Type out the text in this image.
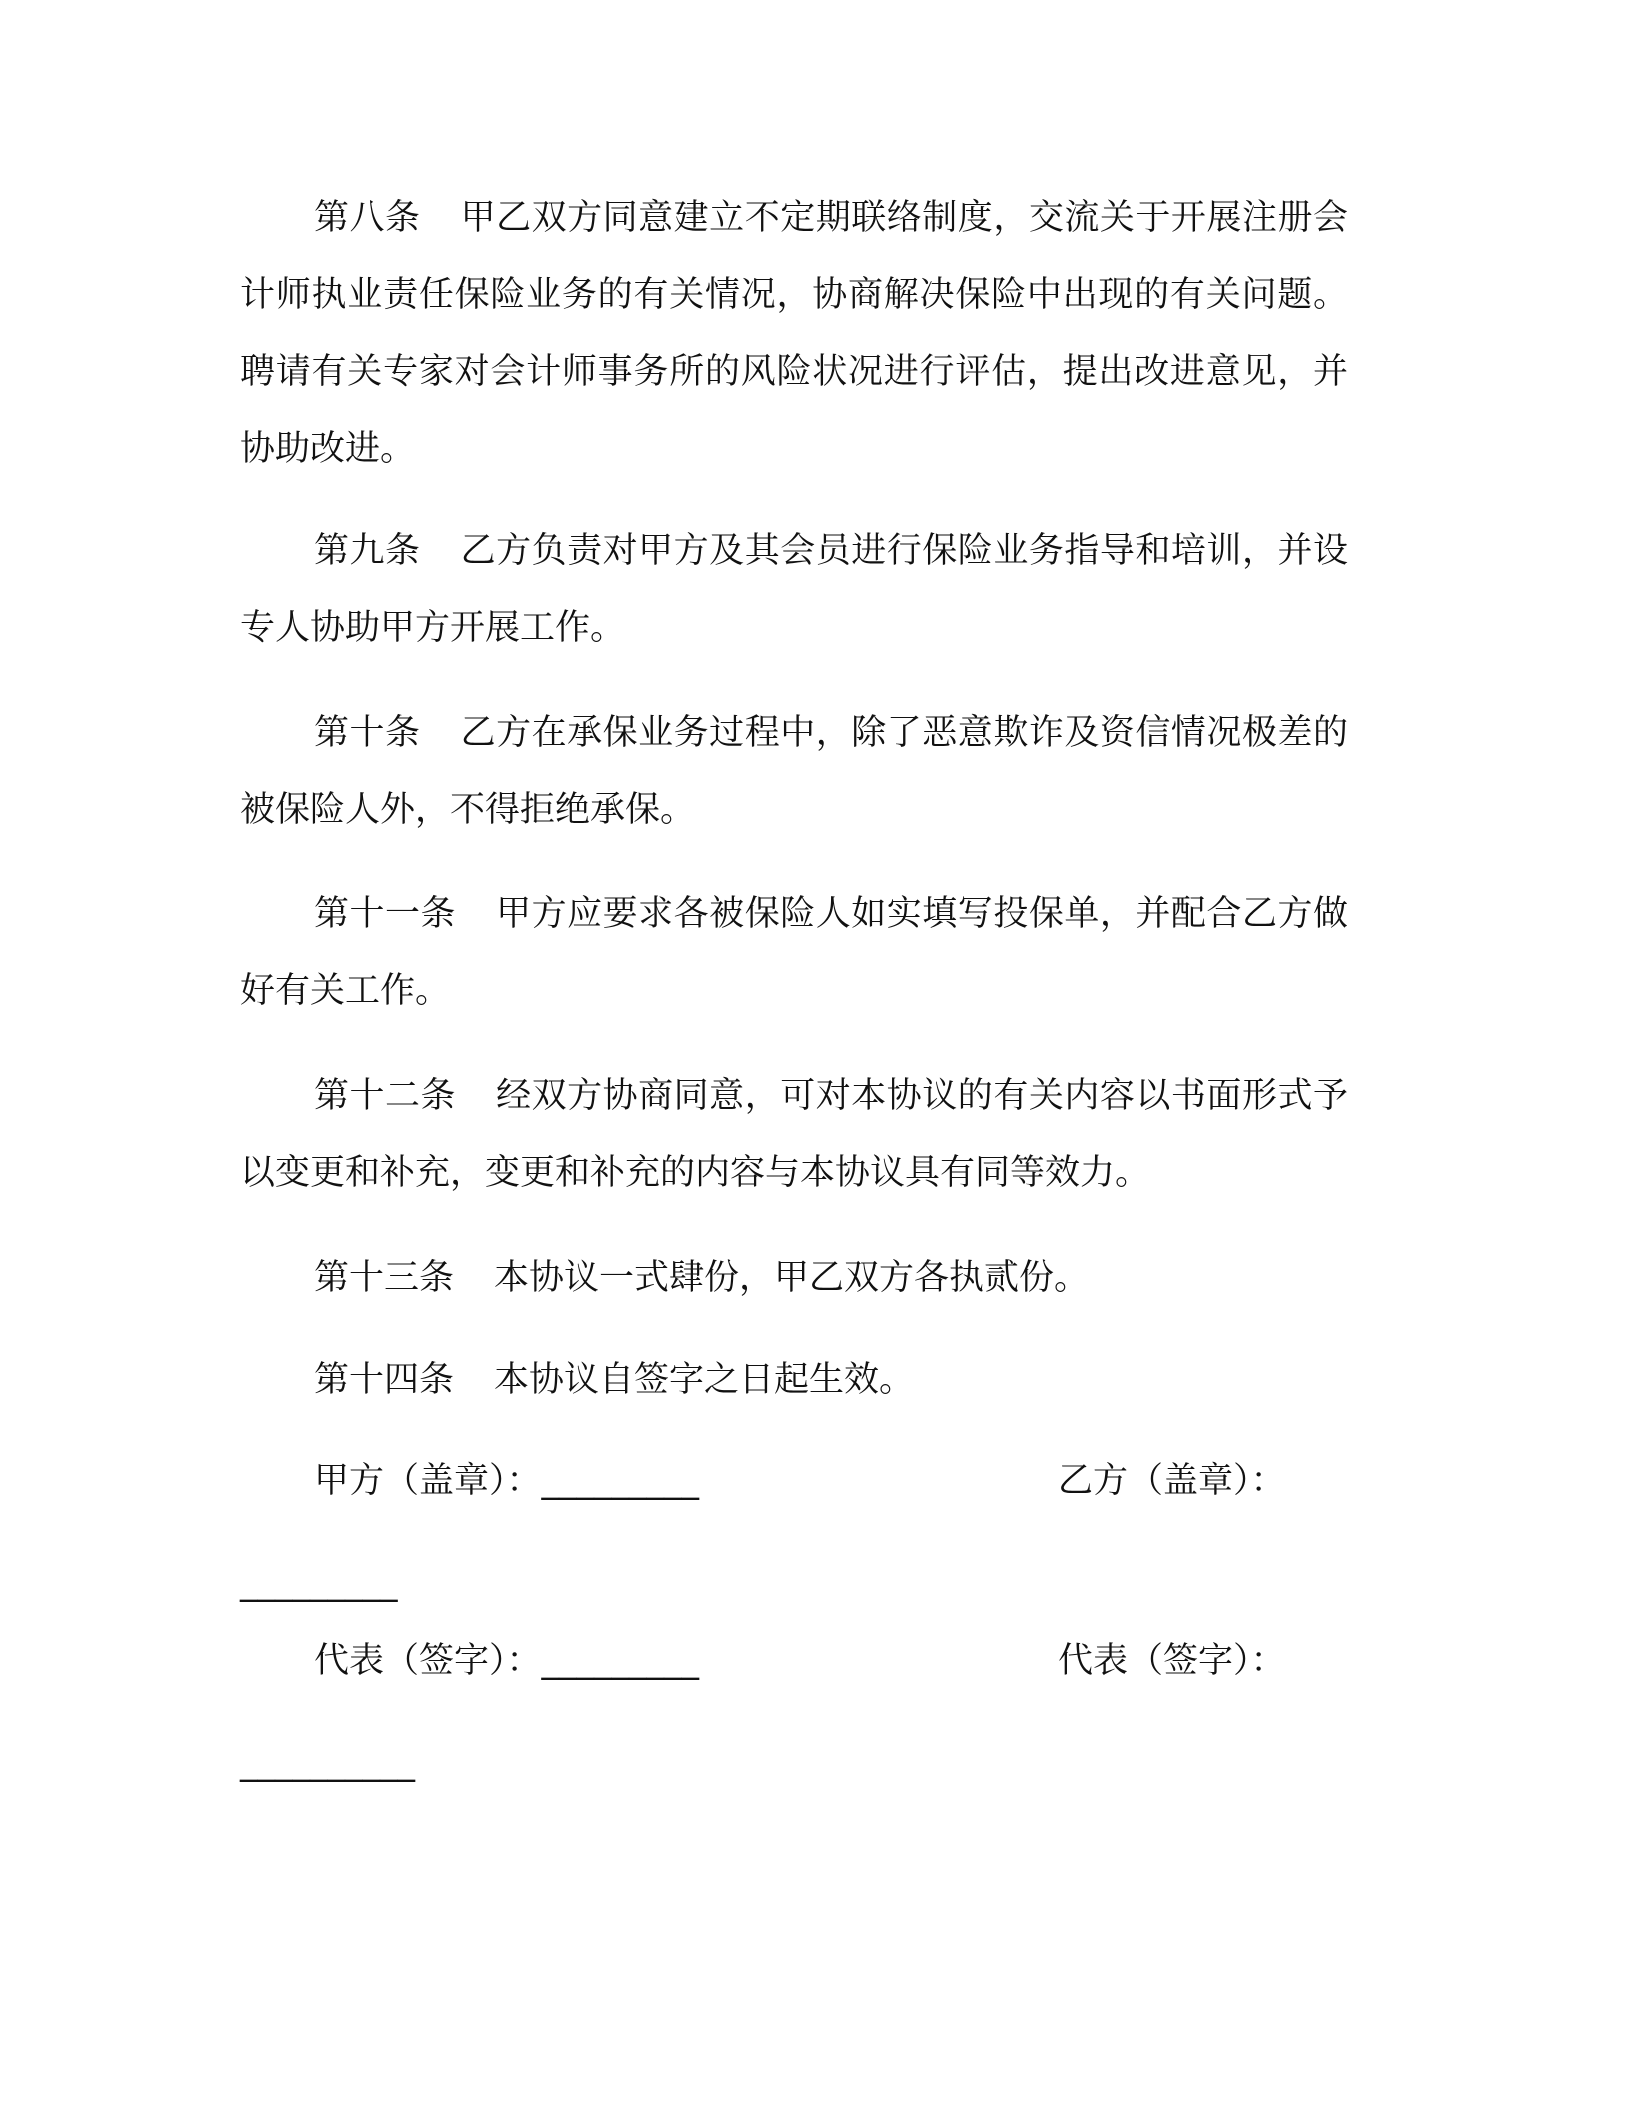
第八条 甲乙双方同意建立不定期联络制度，交流关于开展注册会计师执业责任保险业务的有关情况，协商解决保险中出现的有关问题。聘请有关专家对会计师事务所的风险状况进行评估，提出改进意见，并协助改进。

第九条 乙方负责对甲方及其会员进行保险业务指导和培训，并设专人协助甲方开展工作。

第十条 乙方在承保业务过程中，除了恶意欺诈及资信情况极差的被保险人外，不得拒绝承保。

第十一条 甲方应要求各被保险人如实填写投保单，并配合乙方做好有关工作。

第十二条 经双方协商同意，可对本协议的有关内容以书面形式予以变更和补充，变更和补充的内容与本协议具有同等效力。

第十三条 本协议一式肆份，甲乙双方各执贰份。

第十四条 本协议自签字之日起生效。

甲方（盖章）：_________	乙方（盖章）：
_________
代表（签字）：_________	代表（签字）：
__________
